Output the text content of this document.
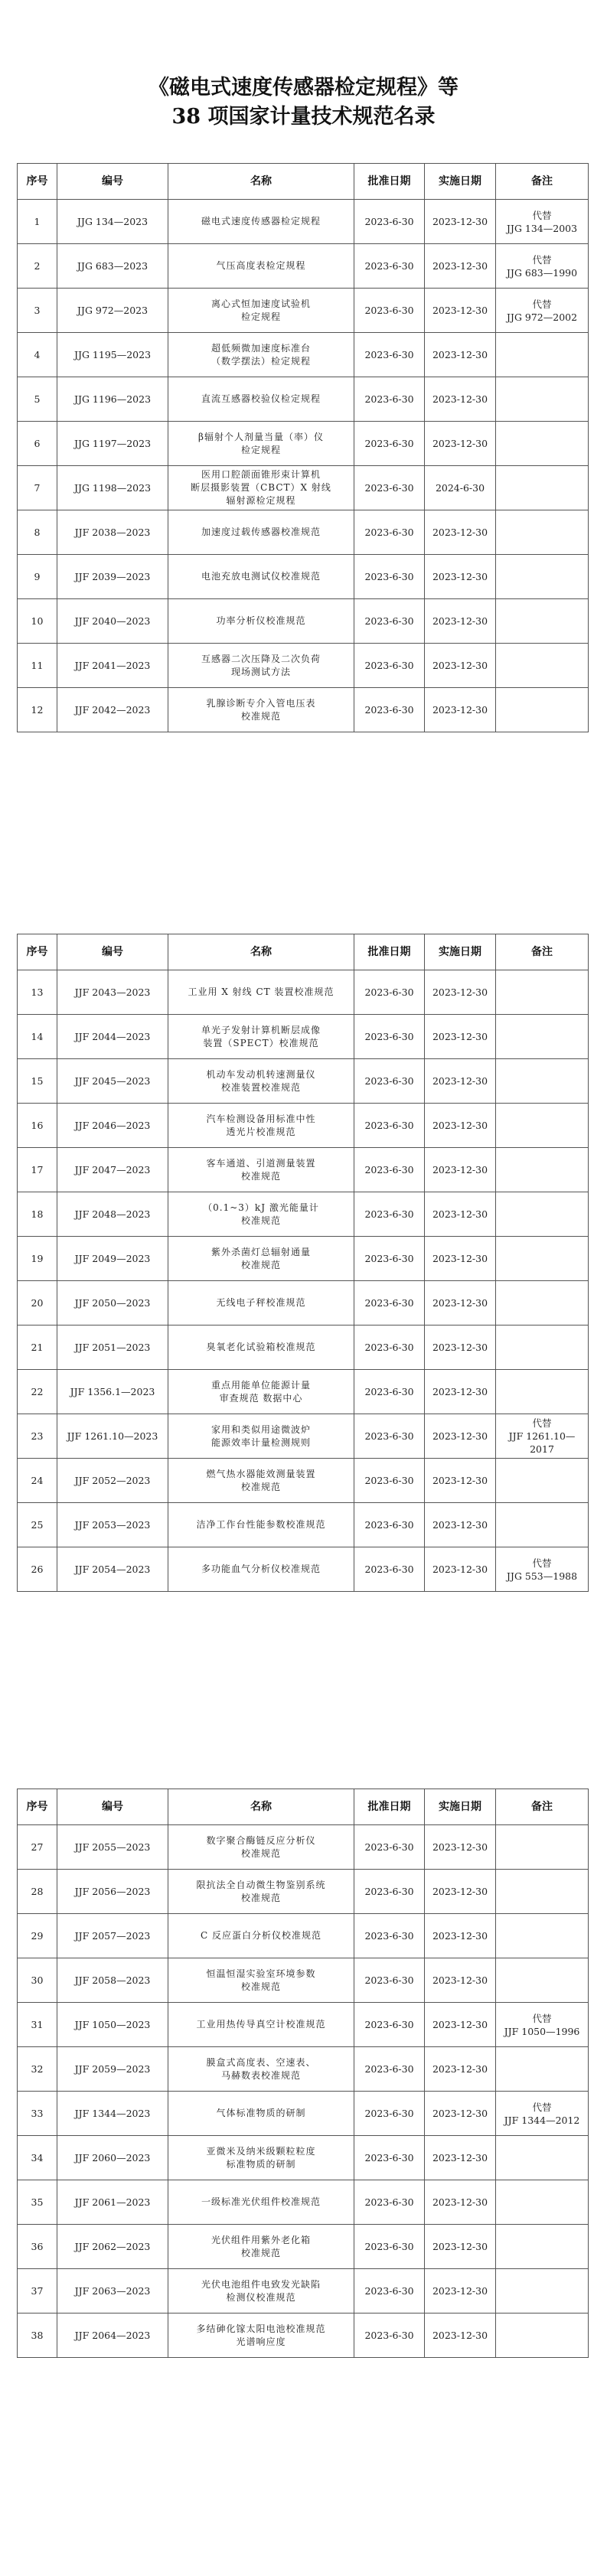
《磁电式速度传感器检定规程》等
38 项国家计量技术规范名录
序号	编号	名称	批准日期	实施日期	备注
1	JJG 134—2023	磁电式速度传感器检定规程	2023-6-30	2023-12-30	代替
JJG 134—2003
2	JJG 683—2023	气压高度表检定规程	2023-6-30	2023-12-30	代替
JJG 683—1990
3	JJG 972—2023	离心式恒加速度试验机
检定规程	2023-6-30	2023-12-30	代替
JJG 972—2002
4	JJG 1195—2023	超低频微加速度标准台
（数学摆法）检定规程	2023-6-30	2023-12-30	
5	JJG 1196—2023	直流互感器校验仪检定规程	2023-6-30	2023-12-30	
6	JJG 1197—2023	β辐射个人剂量当量（率）仪
检定规程	2023-6-30	2023-12-30	
7	JJG 1198—2023	医用口腔颌面锥形束计算机
断层摄影装置（CBCT）X 射线
辐射源检定规程	2023-6-30	2024-6-30	
8	JJF 2038—2023	加速度过载传感器校准规范	2023-6-30	2023-12-30	
9	JJF 2039—2023	电池充放电测试仪校准规范	2023-6-30	2023-12-30	
10	JJF 2040—2023	功率分析仪校准规范	2023-6-30	2023-12-30	
11	JJF 2041—2023	互感器二次压降及二次负荷
现场测试方法	2023-6-30	2023-12-30	
12	JJF 2042—2023	乳腺诊断专介入管电压表
校准规范	2023-6-30	2023-12-30	
序号	编号	名称	批准日期	实施日期	备注
13	JJF 2043—2023	工业用 X 射线 CT 装置校准规范	2023-6-30	2023-12-30	
14	JJF 2044—2023	单光子发射计算机断层成像
装置（SPECT）校准规范	2023-6-30	2023-12-30	
15	JJF 2045—2023	机动车发动机转速测量仪
校准装置校准规范	2023-6-30	2023-12-30	
16	JJF 2046—2023	汽车检测设备用标准中性
透光片校准规范	2023-6-30	2023-12-30	
17	JJF 2047—2023	客车通道、引道测量装置
校准规范	2023-6-30	2023-12-30	
18	JJF 2048—2023	（0.1~3）kJ 激光能量计
校准规范	2023-6-30	2023-12-30	
19	JJF 2049—2023	紫外杀菌灯总辐射通量
校准规范	2023-6-30	2023-12-30	
20	JJF 2050—2023	无线电子秤校准规范	2023-6-30	2023-12-30	
21	JJF 2051—2023	臭氧老化试验箱校准规范	2023-6-30	2023-12-30	
22	JJF 1356.1—2023	重点用能单位能源计量
审查规范 数据中心	2023-6-30	2023-12-30	
23	JJF 1261.10—2023	家用和类似用途微波炉
能源效率计量检测规则	2023-6-30	2023-12-30	代替
JJF 1261.10—
2017
24	JJF 2052—2023	燃气热水器能效测量装置
校准规范	2023-6-30	2023-12-30	
25	JJF 2053—2023	洁净工作台性能参数校准规范	2023-6-30	2023-12-30	
26	JJF 2054—2023	多功能血气分析仪校准规范	2023-6-30	2023-12-30	代替
JJG 553—1988
序号	编号	名称	批准日期	实施日期	备注
27	JJF 2055—2023	数字聚合酶链反应分析仪
校准规范	2023-6-30	2023-12-30	
28	JJF 2056—2023	限抗法全自动微生物鉴别系统
校准规范	2023-6-30	2023-12-30	
29	JJF 2057—2023	C 反应蛋白分析仪校准规范	2023-6-30	2023-12-30	
30	JJF 2058—2023	恒温恒湿实验室环境参数
校准规范	2023-6-30	2023-12-30	
31	JJF 1050—2023	工业用热传导真空计校准规范	2023-6-30	2023-12-30	代替
JJF 1050—1996
32	JJF 2059—2023	膜盒式高度表、空速表、
马赫数表校准规范	2023-6-30	2023-12-30	
33	JJF 1344—2023	气体标准物质的研制	2023-6-30	2023-12-30	代替
JJF 1344—2012
34	JJF 2060—2023	亚微米及纳米级颗粒粒度
标准物质的研制	2023-6-30	2023-12-30	
35	JJF 2061—2023	一级标准光伏组件校准规范	2023-6-30	2023-12-30	
36	JJF 2062—2023	光伏组件用紫外老化箱
校准规范	2023-6-30	2023-12-30	
37	JJF 2063—2023	光伏电池组件电致发光缺陷
检测仪校准规范	2023-6-30	2023-12-30	
38	JJF 2064—2023	多结砷化镓太阳电池校准规范
光谱响应度	2023-6-30	2023-12-30	
